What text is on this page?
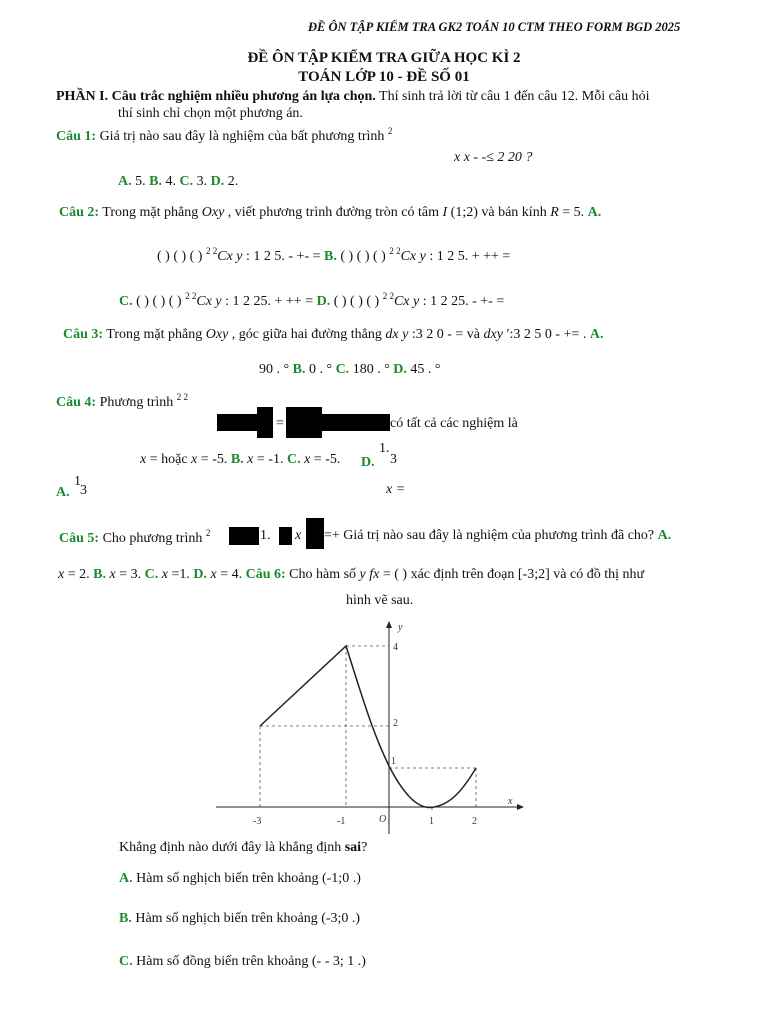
ĐỀ ÔN TẬP KIỂM TRA GK2 TOÁN 10 CTM THEO FORM BGD 2025
ĐỀ ÔN TẬP KIỂM TRA GIỮA HỌC KÌ 2
TOÁN LỚP 10 - ĐỀ SỐ 01
PHẦN I. Câu trắc nghiệm nhiều phương án lựa chọn. Thí sinh trả lời từ câu 1 đến câu 12. Mỗi câu hỏi
thí sinh chỉ chọn một phương án.
Câu 1: Giá trị nào sau đây là nghiệm của bất phương trình $^2$
x x - -≤ 2 20 ?
A. 5. B. 4. C. 3. D. 2.
Câu 2: Trong mặt phẳng Oxy , viết phương trình đường tròn có tâm I (1;2) và bán kính R = 5. A.
( ) ( ) ( ) $^{2 2}$Cx y : 1 2 5. - +- = B. ( ) ( ) ( ) $^{2 2}$Cx y : 1 2 5. + ++ =
C. ( ) ( ) ( ) $^{2 2}$Cx y : 1 2 25. + ++ = D. ( ) ( ) ( ) $^{2 2}$Cx y : 1 2 25. - +- =
Câu 3: Trong mặt phẳng Oxy , góc giữa hai đường thẳng dx y :3 2 0 - = và dxy ′:3 2 5 0 - += . A.
90 . ° B. 0 . ° C. 180 . ° D. 45 . °
Câu 4: Phương trình $^{2 2}$
=	có tất cả các nghiệm là
x = hoặc x = -5. B. x = -1. C. x = -5. D.
1.
3
A.
1
3	x =
Câu 5: Cho phương trình $^2$	1. x =+ Giá trị nào sau đây là nghiệm của phương trình đã cho? A.
x = 2. B. x = 3. C. x =1. D. x = 4. Câu 6: Cho hàm số y fx = ( ) xác định trên đoạn [-3;2] và có đồ thị như
hình vẽ sau.
y
x
O
-3	-1	1	2
4
2
1
Khẳng định nào dưới đây là khẳng định sai?
A. Hàm số nghịch biến trên khoảng (-1;0 .)
B. Hàm số nghịch biến trên khoảng (-3;0 .)
C. Hàm số đồng biến trên khoảng (- - 3; 1 .)
